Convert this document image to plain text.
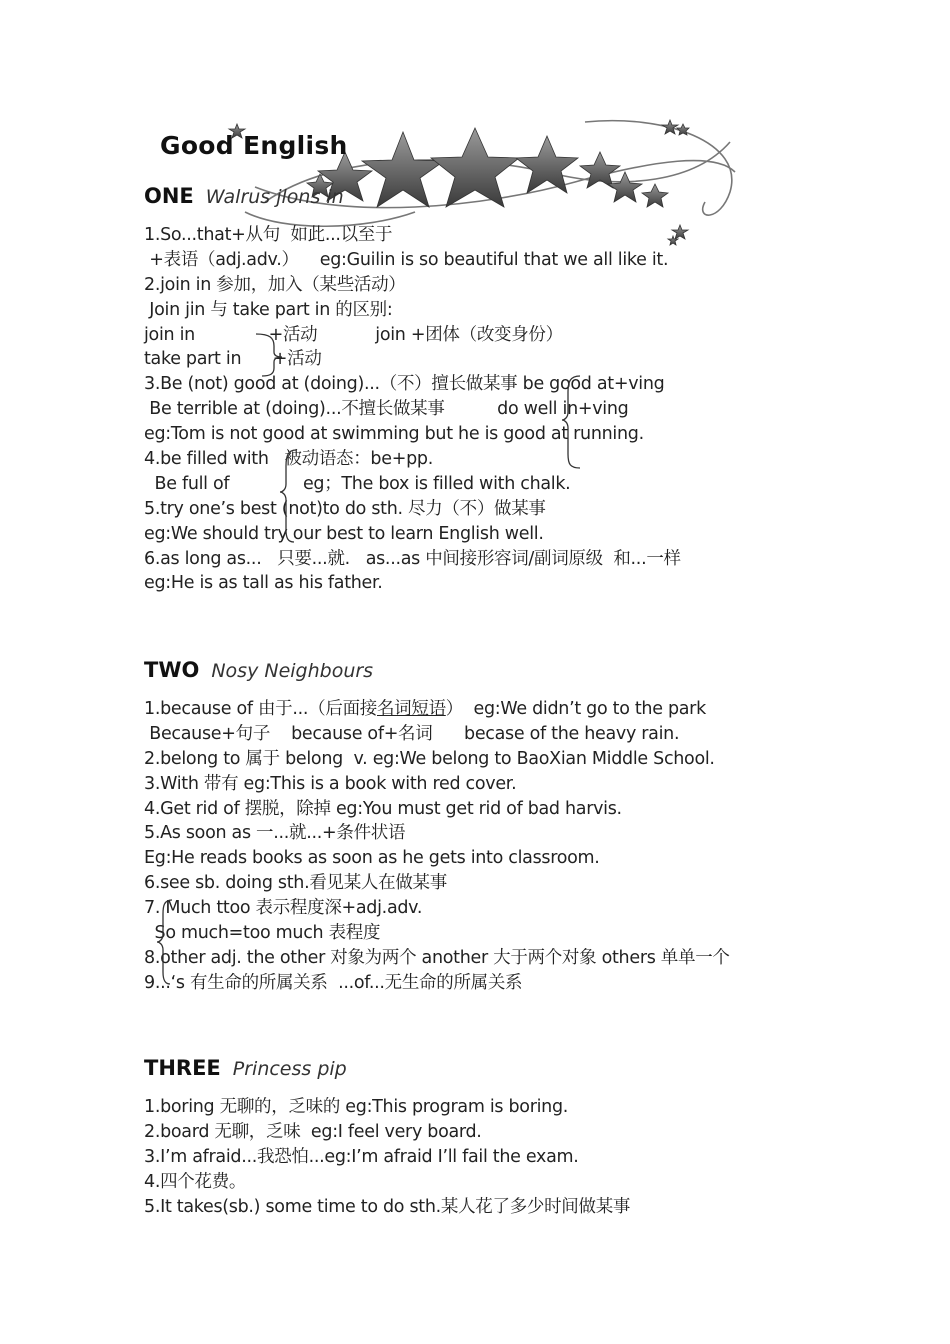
Good English
ONE Walrus jlons in
1.So...that+从句  如此...以至于
+表语（adj.adv.）    eg:Guilin is so beautiful that we all like it.
2.join in 参加，加入（某些活动）
Join jin 与 take part in 的区别:
join in              +活动           join +团体（改变身份）
take part in      +活动
3.Be (not) good at (doing)...（不）擅长做某事 be good at+ving
Be terrible at (doing)...不擅长做某事          do well in+ving
eg:Tom is not good at swimming but he is good at running.
4.be filled with   被动语态：be+pp.
Be full of              eg；The box is filled with chalk.
5.try one’s best (not)to do sth. 尽力（不）做某事
eg:We should try our best to learn English well.
6.as long as...   只要...就.   as...as 中间接形容词/副词原级  和...一样
eg:He is as tall as his father.
TWO Nosy Neighbours
1.because of 由于...（后面接名词短语）  eg:We didn’t go to the park
Because+句子    because of+名词      becase of the heavy rain.
2.belong to 属于 belong  v. eg:We belong to BaoXian Middle School.
3.With 带有 eg:This is a book with red cover.
4.Get rid of 摆脱，除掉 eg:You must get rid of bad harvis.
5.As soon as 一...就...+条件状语
Eg:He reads books as soon as he gets into classroom.
6.see sb. doing sth.看见某人在做某事
7. Much ttoo 表示程度深+adj.adv.
So much=too much 表程度
8.other adj. the other 对象为两个 another 大于两个对象 others 单单一个
9...‘s 有生命的所属关系  ...of...无生命的所属关系
THREE Princess pip
1.boring 无聊的，乏味的 eg:This program is boring.
2.board 无聊，乏味  eg:I feel very board.
3.I’m afraid...我恐怕...eg:I’m afraid I’ll fail the exam.
4.四个花费。
5.It takes(sb.) some time to do sth.某人花了多少时间做某事
